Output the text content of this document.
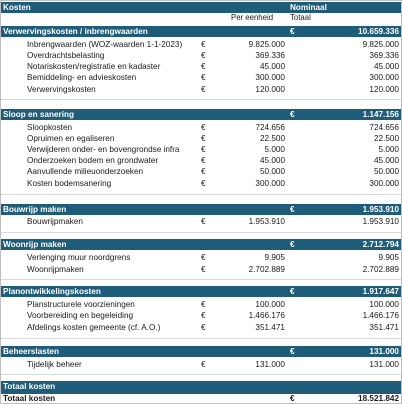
Kosten	Nominaal
Per eenheid	Totaal
Verwervingskosten / inbrengwaarden	€	10.659.336
Inbrengwaarden (WOZ-waarden 1-1-2023)	€	9.825.000	9.825.000
Overdrachtsbelasting	€	369.336	369.336
Notariskosten/registratie en kadaster	€	45.000	45.000
Bemiddeling- en advieskosten	€	300.000	300.000
Verwervingskosten	€	120.000	120.000
Sloop en sanering	€	1.147.156
Sloopkosten	€	724.656	724.656
Opruimen en egaliseren	€	22.500	22.500
Verwijderen onder- en bovengrondse infra	€	5.000	5.000
Onderzoeken bodem en grondwater	€	45.000	45.000
Aanvullende milieuonderzoeken	€	50.000	50.000
Kosten bodemsanering	€	300.000	300.000
Bouwrijp maken	€	1.953.910
Bouwrijpmaken	€	1.953.910	1.953.910
Woonrijp maken	€	2.712.794
Verlenging muur noordgrens	€	9.905	9.905
Woonrijpmaken	€	2.702.889	2.702.889
Planontwikkelingskosten	€	1.917.647
Planstructurele voorzieningen	€	100.000	100.000
Voorbereiding en begeleiding	€	1.466.176	1.466.176
Afdelings kosten gemeente (cf. A.O.)	€	351.471	351.471
Beheerslasten	€	131.000
Tijdelijk beheer	€	131.000	131.000
Totaal kosten
Totaal kosten	€	18.521.842
